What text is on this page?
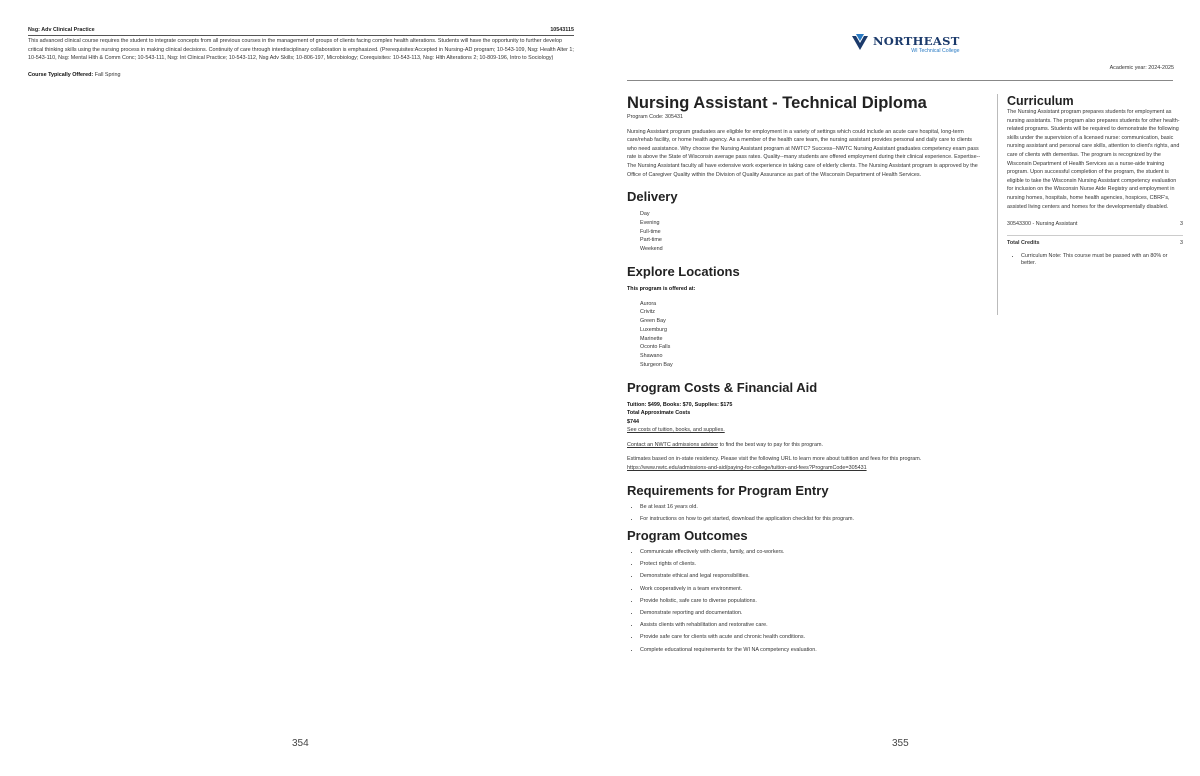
Nsg: Adv Clinical Practice	10543115
This advanced clinical course requires the student to integrate concepts from all previous courses in the management of groups of clients facing complex health alterations. Students will have the opportunity to further develop critical thinking skills using the nursing process in making clinical decisions. Continuity of care through interdisciplinary collaboration is emphasized. (Prerequisites:Accepted in Nursing-AD program; 10-543-109, Nsg: Health Alter 1; 10-543-110, Nsg: Mental Hlth & Comm Conc; 10-543-111, Nsg: Int Clinical Practice; 10-543-112, Nsg Adv Skills; 10-806-197, Microbiology; Corequisites: 10-543-113, Nsg: Hlth Alterations 2; 10-809-196, Intro to Sociology)
Course Typically Offered: Fall Spring
354
NORTHEAST
WI Technical College
Academic year: 2024-2025
Nursing Assistant - Technical Diploma
Program Code: 305431
Nursing Assistant program graduates are eligible for employment in a variety of settings which could include an acute care hospital, long-term care/rehab facility, or home health agency. As a member of the health care team, the nursing assistant provides personal and daily care to clients who need assistance. Why choose the Nursing Assistant program at NWTC? Success--NWTC Nursing Assistant graduates competency exam pass rate is above the State of Wisconsin average pass rates. Quality--many students are offered employment during their clinical experience. Expertise--The Nursing Assistant faculty all have extensive work experience in taking care of elderly clients. The Nursing Assistant program is approved by the Office of Caregiver Quality within the Division of Quality Assurance as part of the Wisconsin Department of Health Services.
Delivery
Day
Evening
Full-time
Part-time
Weekend
Explore Locations
This program is offered at:
Aurora
Crivitz
Green Bay
Luxemburg
Marinette
Oconto Falls
Shawano
Sturgeon Bay
Program Costs & Financial Aid
Tuition: $499, Books: $70, Supplies: $175
Total Approximate Costs
$744
See costs of tuition, books, and supplies.
Contact an NWTC admissions advisor to find the best way to pay for this program.
Estimates based on in-state residency. Please visit the following URL to learn more about tuitition and fees for this program.
https://www.nwtc.edu/admissions-and-aid/paying-for-college/tuition-and-fees?ProgramCode=305431
Requirements for Program Entry
• Be at least 16 years old.
• For instructions on how to get started, download the application checklist for this program.
Program Outcomes
• Communicate effectively with clients, family, and co-workers.
• Protect rights of clients.
• Demonstrate ethical and legal responsibilities.
• Work cooperatively in a team environment.
• Provide holistic, safe care to diverse populations.
• Demonstrate reporting and documentation.
• Assists clients with rehabilitation and restorative care.
• Provide safe care for clients with acute and chronic health conditions.
• Complete educational requirements for the WI NA competency evaluation.
Curriculum
The Nursing Assistant program prepares students for employment as nursing assistants. The program also prepares students for other health-related programs. Students will be required to demonstrate the following skills under the supervision of a licensed nurse: communication, basic nursing assistant and personal care skills, attention to client's rights, and care of clients with dementias. The program is recognized by the Wisconsin Department of Health Services as a nurse-aide training program. Upon successful completion of the program, the student is eligible to take the Wisconsin Nursing Assistant competency evaluation for inclusion on the Wisconsin Nurse Aide Registry and employment in nursing homes, hospitals, home health agencies, hospices, CBRF's, assisted living centers and homes for the developmentally disabled.
30543300 - Nursing Assistant	3
Total Credits	3
• Curriculum Note: This course must be passed with an 80% or better.
355
